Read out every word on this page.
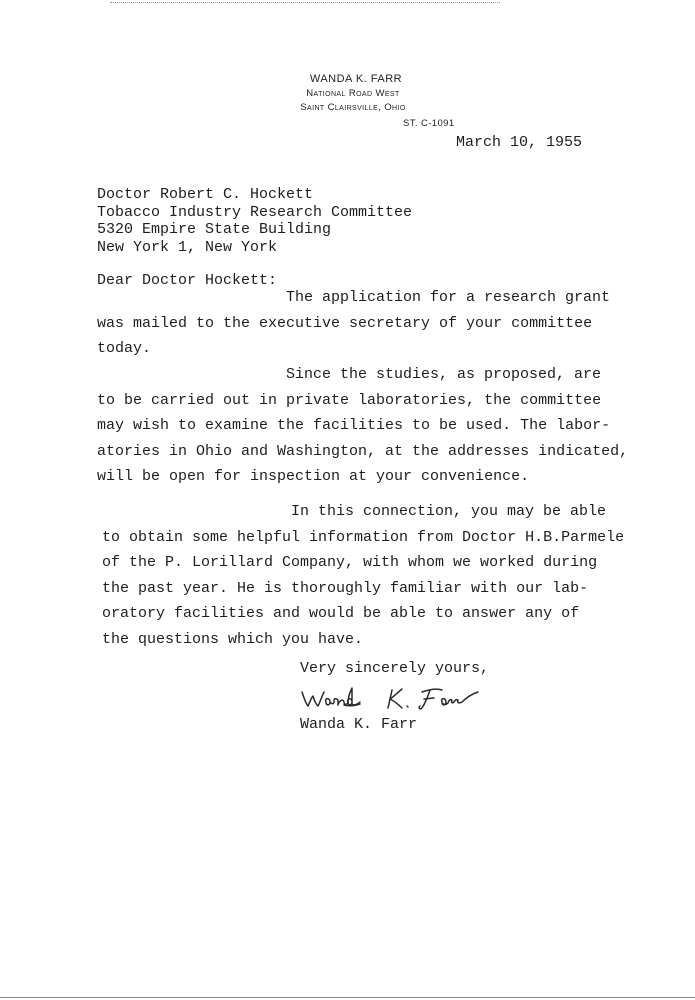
WANDA K. FARR
National Road West
Saint Clairsville, Ohio
ST. C-1091
March 10, 1955
Doctor Robert C. Hockett
Tobacco Industry Research Committee
5320 Empire State Building
New York 1, New York
Dear Doctor Hockett:
The application for a research grant
was mailed to the executive secretary of your committee
today.
Since the studies, as proposed, are
to be carried out in private laboratories, the committee
may wish to examine the facilities to be used. The labor-
atories in Ohio and Washington, at the addresses indicated,
will be open for inspection at your convenience.
In this connection, you may be able
to obtain some helpful information from Doctor H.B.Parmele
of the P. Lorillard Company, with whom we worked during
the past year. He is thoroughly familiar with our lab-
oratory facilities and would be able to answer any of
the questions which you have.
Very sincerely yours,
Wanda K. Farr
